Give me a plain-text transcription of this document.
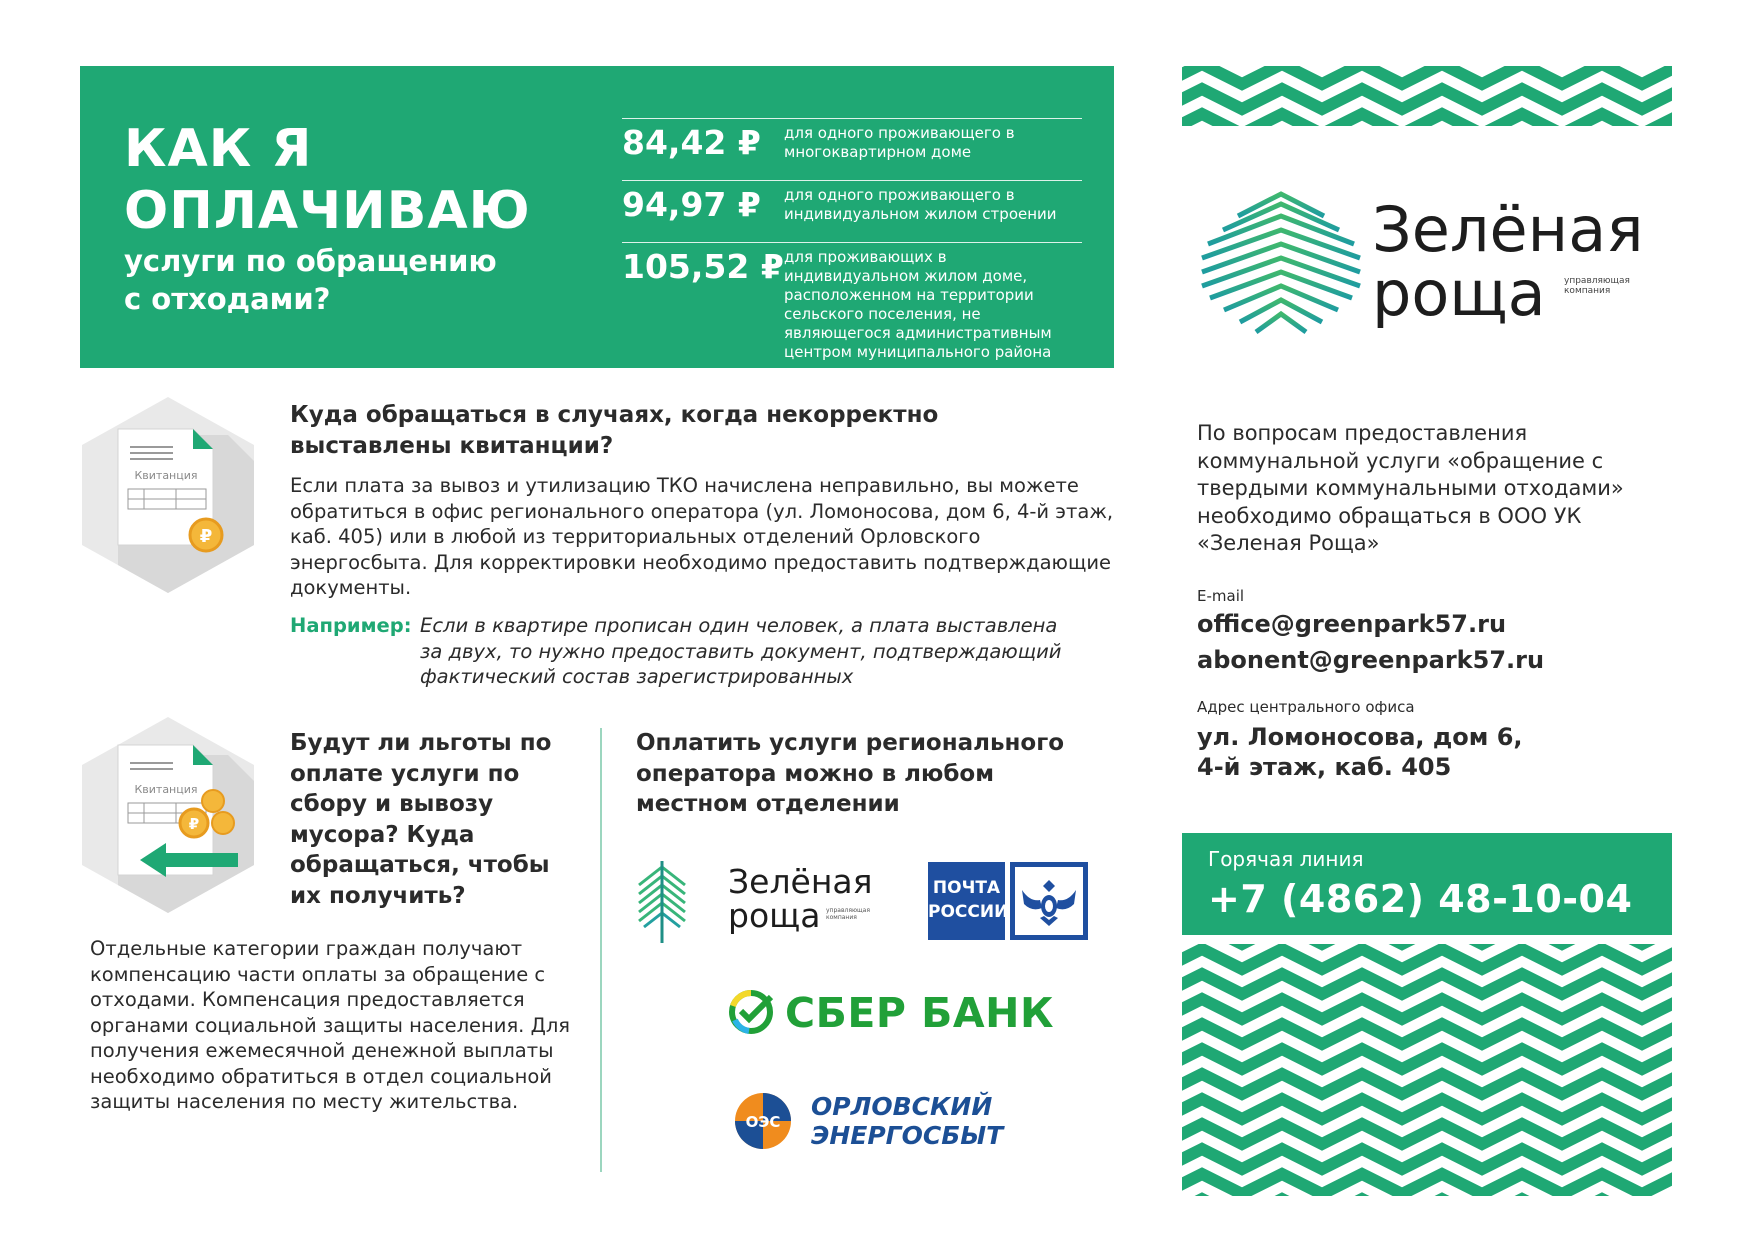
КАК Я
ОПЛАЧИВАЮ
услуги по обращению
с отходами?
84,42 ₽ для одного проживающего в многоквартирном доме
94,97 ₽ для одного проживающего в индивидуальном жилом строении
105,52 ₽ для проживающих в индивидуальном жилом доме, расположенном на территории сельского поселения, не являющегося административным центром муниципального района
Квитанция
₽
Куда обращаться в случаях, когда некорректно выставлены квитанции?
Если плата за вывоз и утилизацию ТКО начислена неправильно, вы можете обратиться в офис регионального оператора (ул. Ломоносова, дом 6, 4-й этаж, каб. 405) или в любой из территориальных отделений Орловского энергосбыта. Для корректировки необходимо предоставить подтверждающие документы.
Например: Если в квартире прописан один человек, а плата выставлена за двух, то нужно предоставить документ, подтверждающий фактический состав зарегистрированных
Квитанция
₽
Будут ли льготы по оплате услуги по сбору и вывозу мусора? Куда обращаться, чтобы их получить?
Отдельные категории граждан получают компенсацию части оплаты за обращение с отходами. Компенсация предоставляется органами социальной защиты населения. Для получения ежемесячной денежной выплаты необходимо обратиться в отдел социальной защиты населения по месту жительства.
Оплатить услуги регионального оператора можно в любом местном отделении
Зелёная
роща управляющая компания
ПОЧТА
РОССИИ
СБЕР БАНК
ОЭС
ОРЛОВСКИЙ
ЭНЕРГОСБЫТ
Зелёная
роща управляющая
компания
По вопросам предоставления коммунальной услуги «обращение с твердыми коммунальными отходами» необходимо обращаться в ООО УК «Зеленая Роща»
E-mail
office@greenpark57.ru
abonent@greenpark57.ru
Адрес центрального офиса
ул. Ломоносова, дом 6,
4-й этаж, каб. 405
Горячая линия
+7 (4862) 48-10-04
